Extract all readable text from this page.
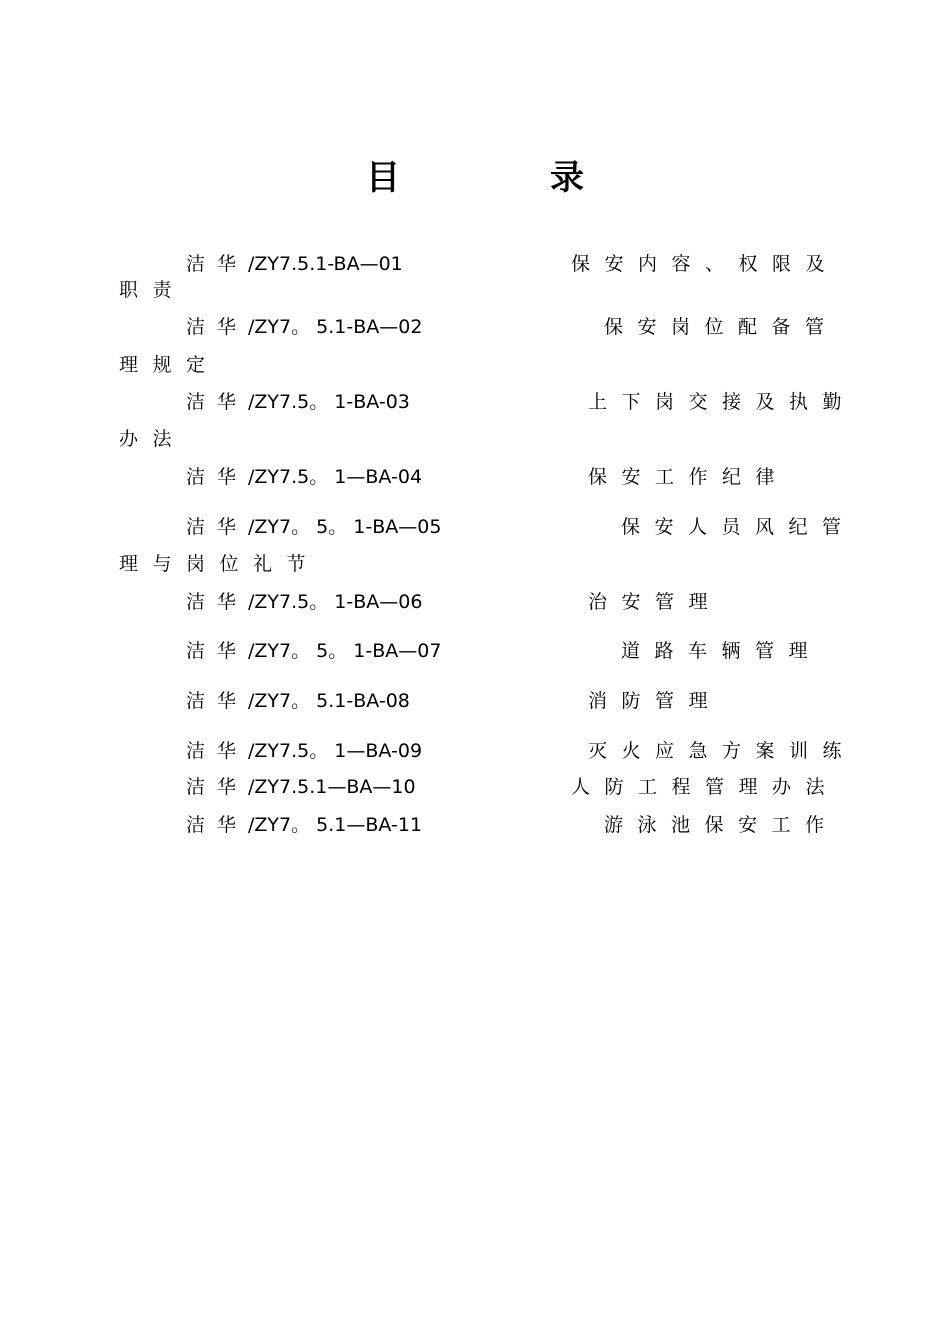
目　录
洁华/ZY7.5.1-BA—01	保安内容、权限及
职责
洁华/ZY7。 5.1-BA—02	保安岗位配备管
理规定
洁华/ZY7.5。 1-BA-03	上下岗交接及执勤
办法
洁华/ZY7.5。 1—BA-04	保安工作纪律
洁华/ZY7。 5。 1-BA—05	保安人员风纪管
理与岗位礼节
洁华/ZY7.5。 1-BA—06	治安管理
洁华/ZY7。 5。 1-BA—07	道路车辆管理
洁华/ZY7。 5.1-BA-08	消防管理
洁华/ZY7.5。 1—BA-09	灭火应急方案训练
洁华/ZY7.5.1—BA—10	人防工程管理办法
洁华/ZY7。 5.1—BA-11	游泳池保安工作
